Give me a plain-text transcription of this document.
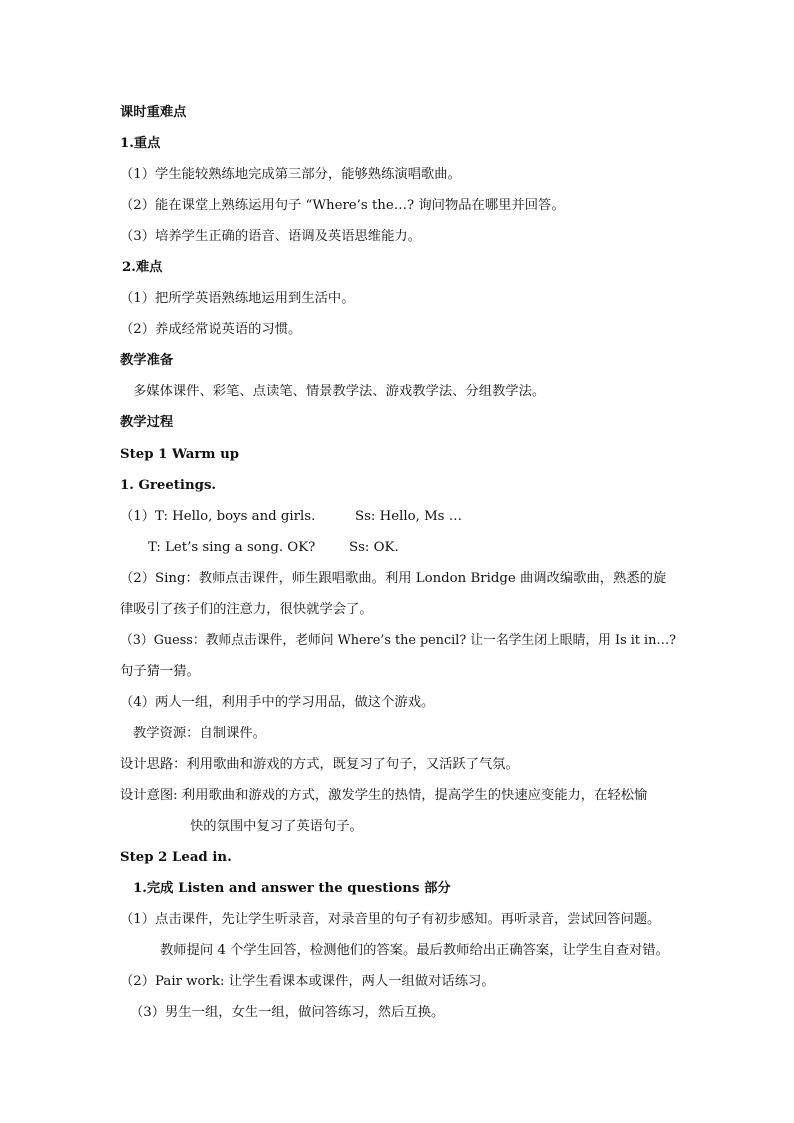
课时重难点
1.重点
（1）学生能较熟练地完成第三部分，能够熟练演唱歌曲。
（2）能在课堂上熟练运用句子 “Where’s the…? 询问物品在哪里并回答。
（3）培养学生正确的语音、语调及英语思维能力。
2.难点
（1）把所学英语熟练地运用到生活中。
（2）养成经常说英语的习惯。
教学准备
多媒体课件、彩笔、点读笔、情景教学法、游戏教学法、分组教学法。
教学过程
Step 1 Warm up
1. Greetings.
（1）T: Hello, boys and girls.	Ss: Hello, Ms …
T: Let’s sing a song. OK?	Ss: OK.
（2）Sing：教师点击课件，师生跟唱歌曲。利用 London Bridge 曲调改编歌曲，熟悉的旋
律吸引了孩子们的注意力，很快就学会了。
（3）Guess：教师点击课件，老师问 Where’s the pencil? 让一名学生闭上眼睛，用 Is it in…?
句子猜一猜。
（4）两人一组，利用手中的学习用品，做这个游戏。
教学资源：自制课件。
设计思路：利用歌曲和游戏的方式，既复习了句子，又活跃了气氛。
设计意图: 利用歌曲和游戏的方式，激发学生的热情，提高学生的快速应变能力，在轻松愉
快的氛围中复习了英语句子。
Step 2 Lead in.
1.完成 Listen and answer the questions 部分
（1）点击课件，先让学生听录音，对录音里的句子有初步感知。再听录音，尝试回答问题。
教师提问 4 个学生回答，检测他们的答案。最后教师给出正确答案，让学生自查对错。
（2）Pair work: 让学生看课本或课件，两人一组做对话练习。
（3）男生一组，女生一组，做问答练习，然后互换。
